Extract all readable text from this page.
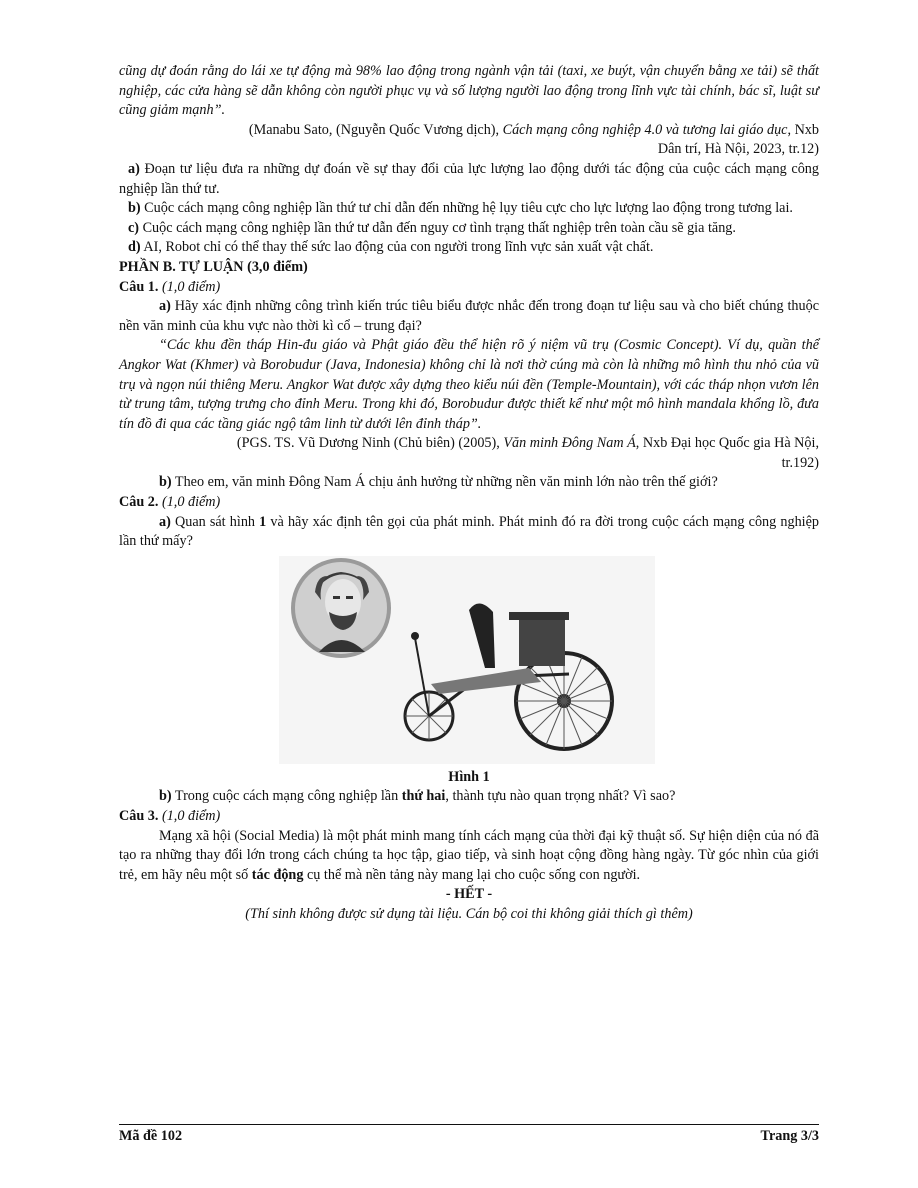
cũng dự đoán rằng do lái xe tự động mà 98% lao động trong ngành vận tải (taxi, xe buýt, vận chuyển bằng xe tải) sẽ thất nghiệp, các cửa hàng sẽ dẫn không còn người phục vụ và số lượng người lao động trong lĩnh vực tài chính, bác sĩ, luật sư cũng giảm mạnh”.

(Manabu Sato, (Nguyễn Quốc Vương dịch), Cách mạng công nghiệp 4.0 và tương lai giáo dục, Nxb
Dân trí, Hà Nội, 2023, tr.12)

a) Đoạn tư liệu đưa ra những dự đoán về sự thay đổi của lực lượng lao động dưới tác động của cuộc cách mạng công nghiệp lần thứ tư.

b) Cuộc cách mạng công nghiệp lần thứ tư chỉ dẫn đến những hệ lụy tiêu cực cho lực lượng lao động trong tương lai.

c) Cuộc cách mạng công nghiệp lần thứ tư dẫn đến nguy cơ tình trạng thất nghiệp trên toàn cầu sẽ gia tăng.

d) AI, Robot chỉ có thể thay thế sức lao động của con người trong lĩnh vực sản xuất vật chất.

PHẦN B. TỰ LUẬN (3,0 điểm)

Câu 1. (1,0 điểm)

a) Hãy xác định những công trình kiến trúc tiêu biểu được nhắc đến trong đoạn tư liệu sau và cho biết chúng thuộc nền văn minh của khu vực nào thời kì cổ – trung đại?

“Các khu đền tháp Hin-đu giáo và Phật giáo đều thể hiện rõ ý niệm vũ trụ (Cosmic Concept). Ví dụ, quần thể Angkor Wat (Khmer) và Borobudur (Java, Indonesia) không chỉ là nơi thờ cúng mà còn là những mô hình thu nhỏ của vũ trụ và ngọn núi thiêng Meru. Angkor Wat được xây dựng theo kiểu núi đền (Temple-Mountain), với các tháp nhọn vươn lên từ trung tâm, tượng trưng cho đỉnh Meru. Trong khi đó, Borobudur được thiết kế như một mô hình mandala khổng lồ, đưa tín đồ đi qua các tầng giác ngộ tâm linh từ dưới lên đỉnh tháp”.

(PGS. TS. Vũ Dương Ninh (Chủ biên) (2005), Văn minh Đông Nam Á, Nxb Đại học Quốc gia Hà Nội,
tr.192)

b) Theo em, văn minh Đông Nam Á chịu ảnh hưởng từ những nền văn minh lớn nào trên thế giới?

Câu 2. (1,0 điểm)

a) Quan sát hình 1 và hãy xác định tên gọi của phát minh. Phát minh đó ra đời trong cuộc cách mạng công nghiệp lần thứ mấy?

Hình 1

b) Trong cuộc cách mạng công nghiệp lần thứ hai, thành tựu nào quan trọng nhất? Vì sao?

Câu 3. (1,0 điểm)

Mạng xã hội (Social Media) là một phát minh mang tính cách mạng của thời đại kỹ thuật số. Sự hiện diện của nó đã tạo ra những thay đổi lớn trong cách chúng ta học tập, giao tiếp, và sinh hoạt cộng đồng hàng ngày. Từ góc nhìn của giới trẻ, em hãy nêu một số tác động cụ thể mà nền tảng này mang lại cho cuộc sống con người.

- HẾT -

(Thí sinh không được sử dụng tài liệu. Cán bộ coi thi không giải thích gì thêm)

Mã đề 102	Trang 3/3
